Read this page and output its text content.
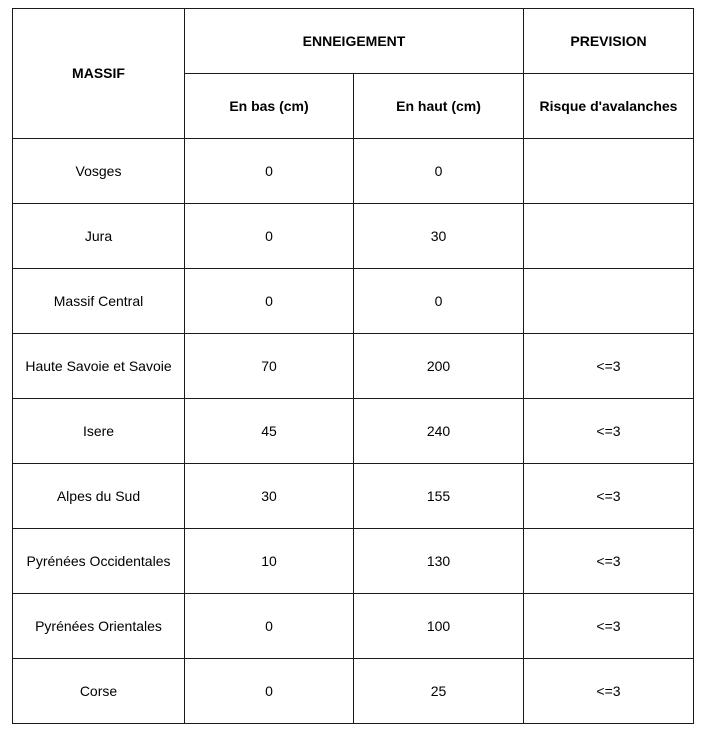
MASSIF	ENNEIGEMENT		PREVISION
	En bas (cm)	En haut (cm)	Risque d'avalanches
Vosges	0	0	
Jura	0	30	
Massif Central	0	0	
Haute Savoie et Savoie	70	200	<=3
Isere	45	240	<=3
Alpes du Sud	30	155	<=3
Pyrénées Occidentales	10	130	<=3
Pyrénées Orientales	0	100	<=3
Corse	0	25	<=3
